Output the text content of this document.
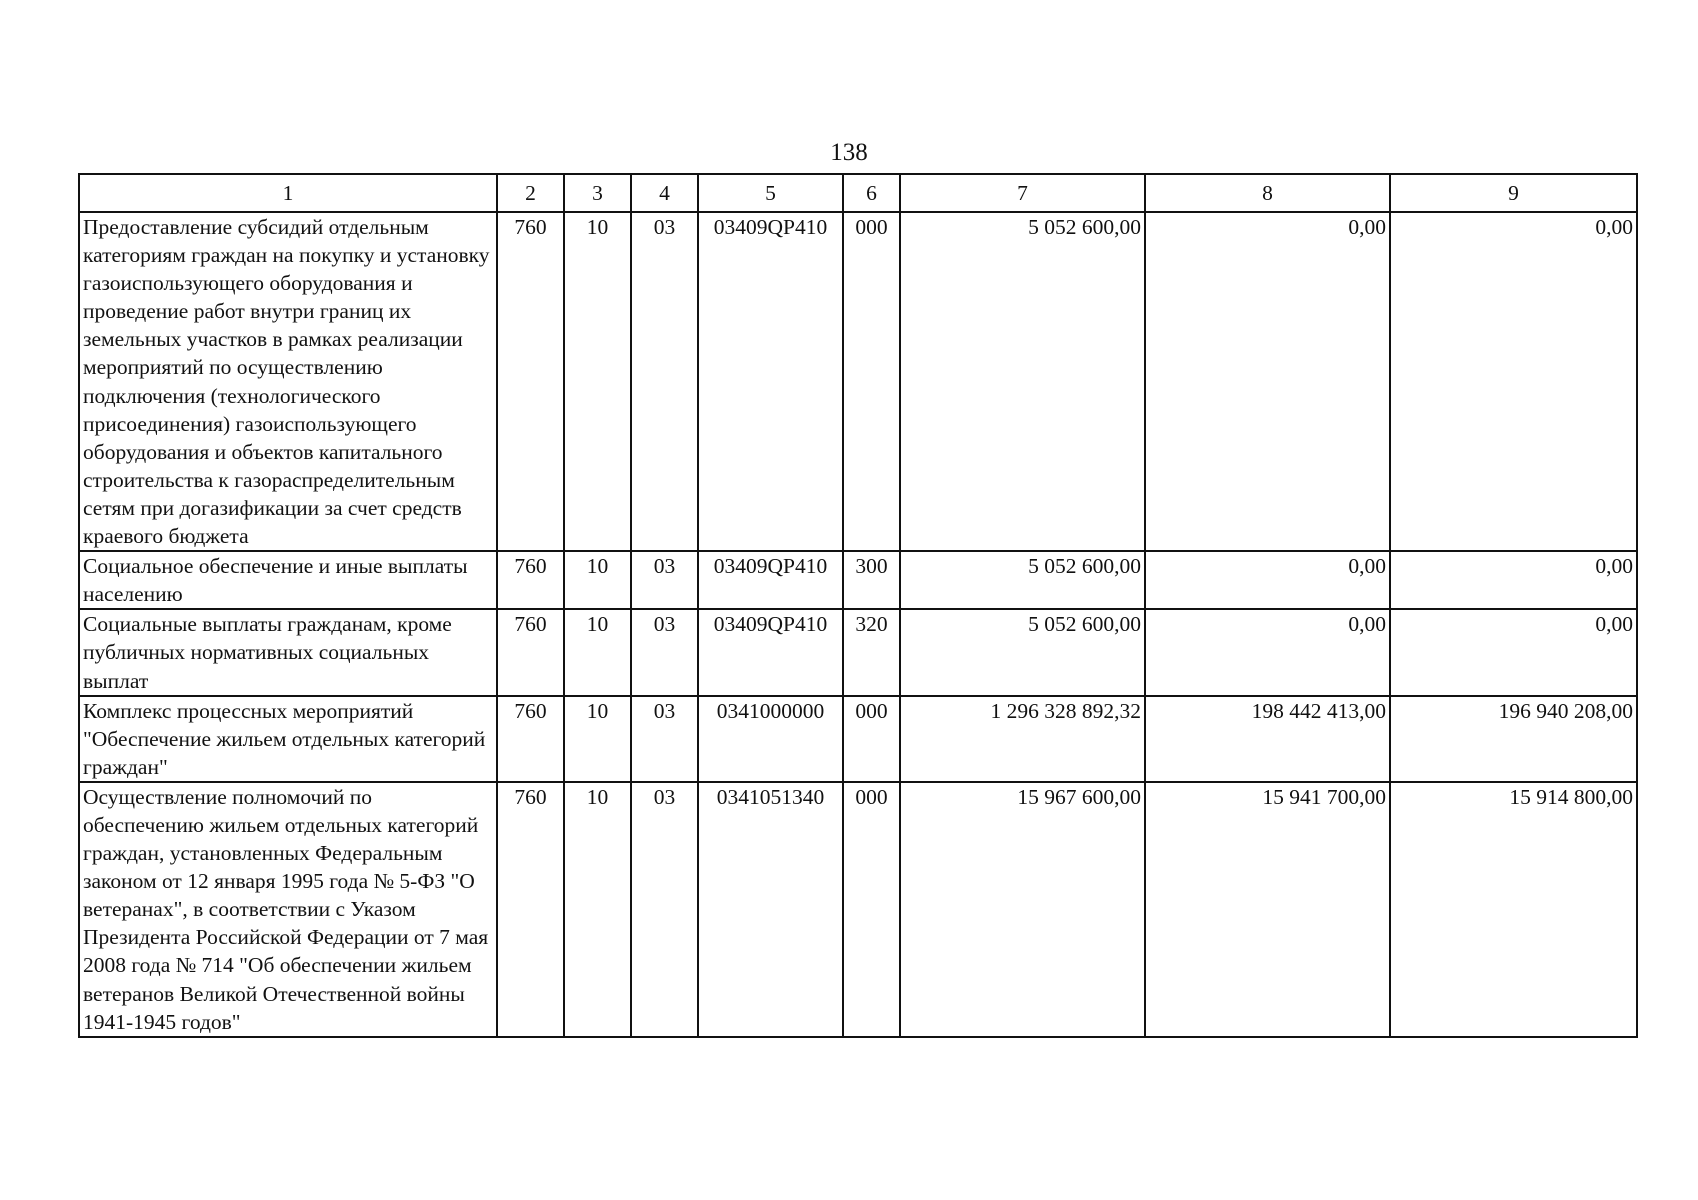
138
1	2	3	4	5	6	7	8	9
Предоставление субсидий отдельным категориям граждан на покупку и установку газоиспользующего оборудования и проведение работ внутри границ их земельных участков в рамках реализации мероприятий по осуществлению подключения (технологического присоединения) газоиспользующего оборудования и объектов капитального строительства к газораспределительным сетям при догазификации за счет средств краевого бюджета	760	10	03	03409QP410	000	5 052 600,00	0,00	0,00
Социальное обеспечение и иные выплаты населению	760	10	03	03409QP410	300	5 052 600,00	0,00	0,00
Социальные выплаты гражданам, кроме публичных нормативных социальных выплат	760	10	03	03409QP410	320	5 052 600,00	0,00	0,00
Комплекс процессных мероприятий "Обеспечение жильем отдельных категорий граждан"	760	10	03	0341000000	000	1 296 328 892,32	198 442 413,00	196 940 208,00
Осуществление полномочий по обеспечению жильем отдельных категорий граждан, установленных Федеральным законом от 12 января 1995 года № 5-ФЗ "О ветеранах", в соответствии с Указом Президента Российской Федерации от 7 мая 2008 года № 714 "Об обеспечении жильем ветеранов Великой Отечественной войны 1941-1945 годов"	760	10	03	0341051340	000	15 967 600,00	15 941 700,00	15 914 800,00
